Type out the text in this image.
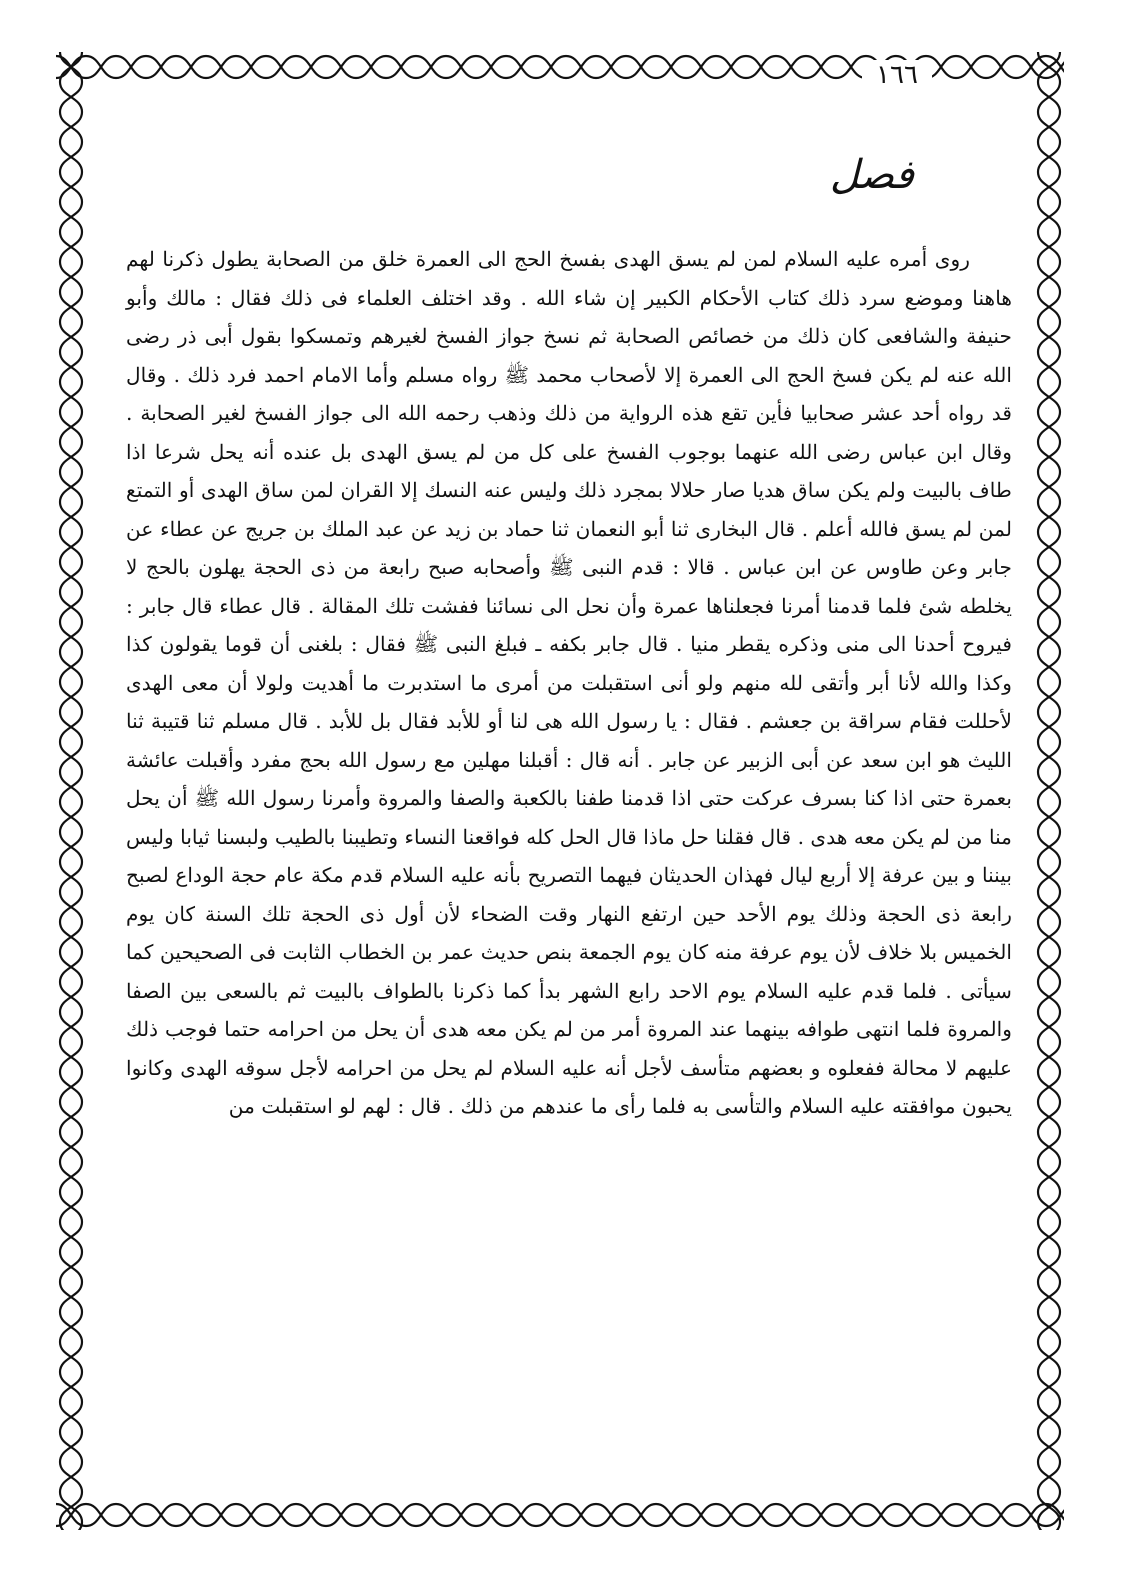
١٦٦
فصل

روى أمره عليه السلام لمن لم يسق الهدى بفسخ الحج الى العمرة خلق من الصحابة يطول ذكرنا لهم هاهنا وموضع سرد ذلك كتاب الأحكام الكبير إن شاء الله . وقد اختلف العلماء فى ذلك فقال : مالك وأبو حنيفة والشافعى كان ذلك من خصائص الصحابة ثم نسخ جواز الفسخ لغيرهم وتمسكوا بقول أبى ذر رضى الله عنه لم يكن فسخ الحج الى العمرة إلا لأصحاب محمد ﷺ رواه مسلم وأما الامام احمد فرد ذلك . وقال قد رواه أحد عشر صحابيا فأين تقع هذه الرواية من ذلك وذهب رحمه الله الى جواز الفسخ لغير الصحابة . وقال ابن عباس رضى الله عنهما بوجوب الفسخ على كل من لم يسق الهدى بل عنده أنه يحل شرعا اذا طاف بالبيت ولم يكن ساق هديا صار حلالا بمجرد ذلك وليس عنه النسك إلا القران لمن ساق الهدى أو التمتع لمن لم يسق فالله أعلم . قال البخارى ثنا أبو النعمان ثنا حماد بن زيد عن عبد الملك بن جريج عن عطاء عن جابر وعن طاوس عن ابن عباس . قالا : قدم النبى ﷺ وأصحابه صبح رابعة من ذى الحجة يهلون بالحج لا يخلطه شئ فلما قدمنا أمرنا فجعلناها عمرة وأن نحل الى نسائنا ففشت تلك المقالة . قال عطاء قال جابر : فيروح أحدنا الى منى وذكره يقطر منيا . قال جابر بكفه ـ فبلغ النبى ﷺ فقال : بلغنى أن قوما يقولون كذا وكذا والله لأنا أبر وأتقى لله منهم ولو أنى استقبلت من أمرى ما استدبرت ما أهديت ولولا أن معى الهدى لأحللت فقام سراقة بن جعشم . فقال : يا رسول الله هى لنا أو للأبد فقال بل للأبد . قال مسلم ثنا قتيبة ثنا الليث هو ابن سعد عن أبى الزبير عن جابر . أنه قال : أقبلنا مهلين مع رسول الله بحج مفرد وأقبلت عائشة بعمرة حتى اذا كنا بسرف عركت حتى اذا قدمنا طفنا بالكعبة والصفا والمروة وأمرنا رسول الله ﷺ أن يحل منا من لم يكن معه هدى . قال فقلنا حل ماذا قال الحل كله فواقعنا النساء وتطيبنا بالطيب ولبسنا ثيابا وليس بيننا و بين عرفة إلا أربع ليال فهذان الحديثان فيهما التصريح بأنه عليه السلام قدم مكة عام حجة الوداع لصبح رابعة ذى الحجة وذلك يوم الأحد حين ارتفع النهار وقت الضحاء لأن أول ذى الحجة تلك السنة كان يوم الخميس بلا خلاف لأن يوم عرفة منه كان يوم الجمعة بنص حديث عمر بن الخطاب الثابت فى الصحيحين كما سيأتى . فلما قدم عليه السلام يوم الاحد رابع الشهر بدأ كما ذكرنا بالطواف بالبيت ثم بالسعى بين الصفا والمروة فلما انتهى طوافه بينهما عند المروة أمر من لم يكن معه هدى أن يحل من احرامه حتما فوجب ذلك عليهم لا محالة ففعلوه و بعضهم متأسف لأجل أنه عليه السلام لم يحل من احرامه لأجل سوقه الهدى وكانوا يحبون موافقته عليه السلام والتأسى به فلما رأى ما عندهم من ذلك . قال : لهم لو استقبلت من
